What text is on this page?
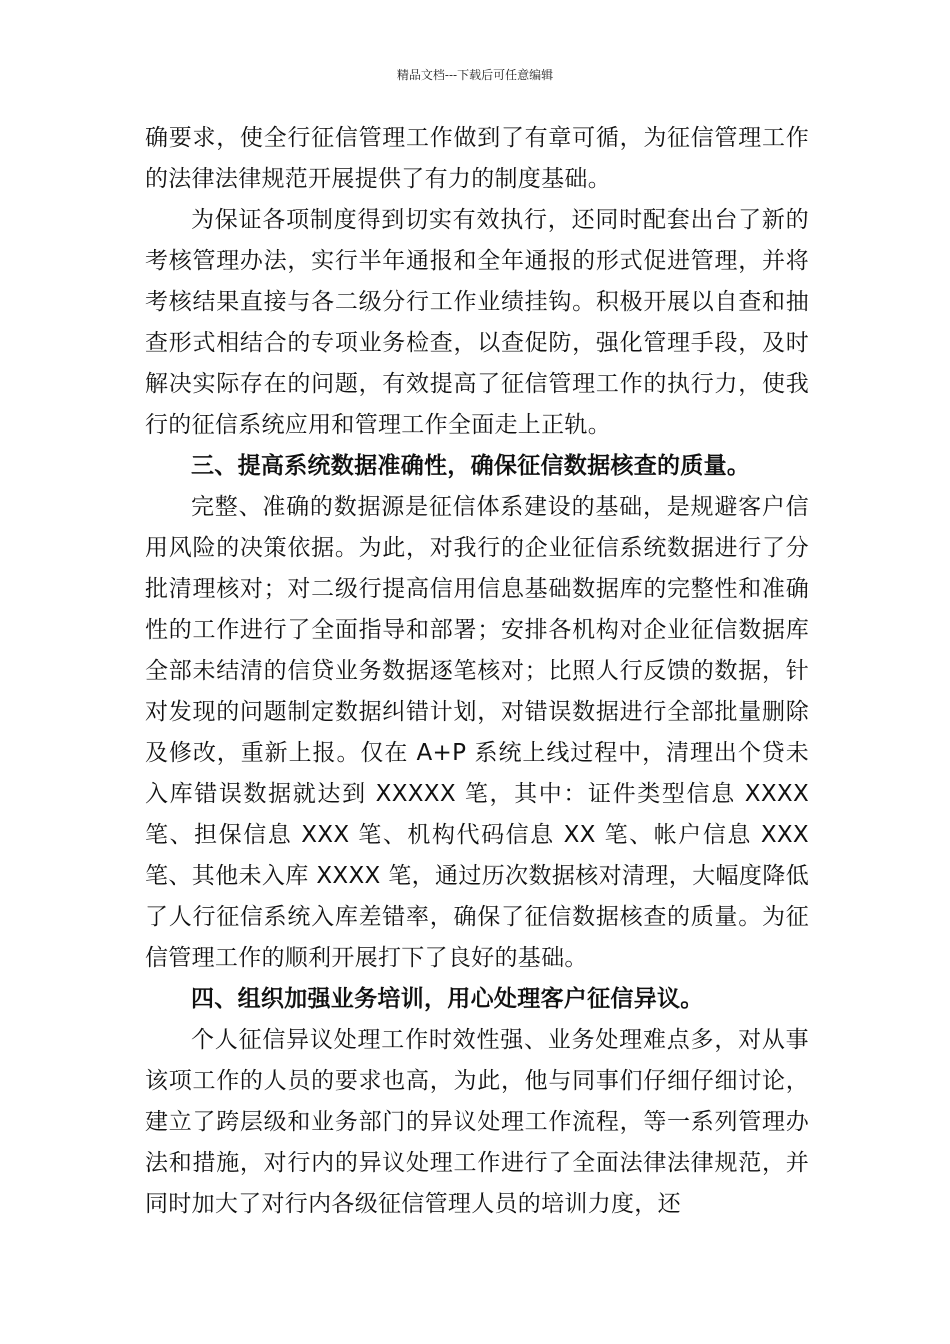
精品文档---下载后可任意编辑

确要求，使全行征信管理工作做到了有章可循，为征信管理工作的法律法律规范开展提供了有力的制度基础。

为保证各项制度得到切实有效执行，还同时配套出台了新的考核管理办法，实行半年通报和全年通报的形式促进管理，并将考核结果直接与各二级分行工作业绩挂钩。积极开展以自查和抽查形式相结合的专项业务检查，以查促防，强化管理手段，及时解决实际存在的问题，有效提高了征信管理工作的执行力，使我行的征信系统应用和管理工作全面走上正轨。

三、提高系统数据准确性，确保征信数据核查的质量。

完整、准确的数据源是征信体系建设的基础，是规避客户信用风险的决策依据。为此，对我行的企业征信系统数据进行了分批清理核对；对二级行提高信用信息基础数据库的完整性和准确性的工作进行了全面指导和部署；安排各机构对企业征信数据库全部未结清的信贷业务数据逐笔核对；比照人行反馈的数据，针对发现的问题制定数据纠错计划，对错误数据进行全部批量删除及修改，重新上报。仅在 A+P 系统上线过程中，清理出个贷未入库错误数据就达到 XXXXX 笔，其中：证件类型信息 XXXX 笔、担保信息 XXX 笔、机构代码信息 XX 笔、帐户信息 XXX 笔、其他未入库 XXXX 笔，通过历次数据核对清理，大幅度降低了人行征信系统入库差错率，确保了征信数据核查的质量。为征信管理工作的顺利开展打下了良好的基础。

四、组织加强业务培训，用心处理客户征信异议。

个人征信异议处理工作时效性强、业务处理难点多，对从事该项工作的人员的要求也高，为此，他与同事们仔细仔细讨论，建立了跨层级和业务部门的异议处理工作流程，等一系列管理办法和措施，对行内的异议处理工作进行了全面法律法律规范，并同时加大了对行内各级征信管理人员的培训力度，还
